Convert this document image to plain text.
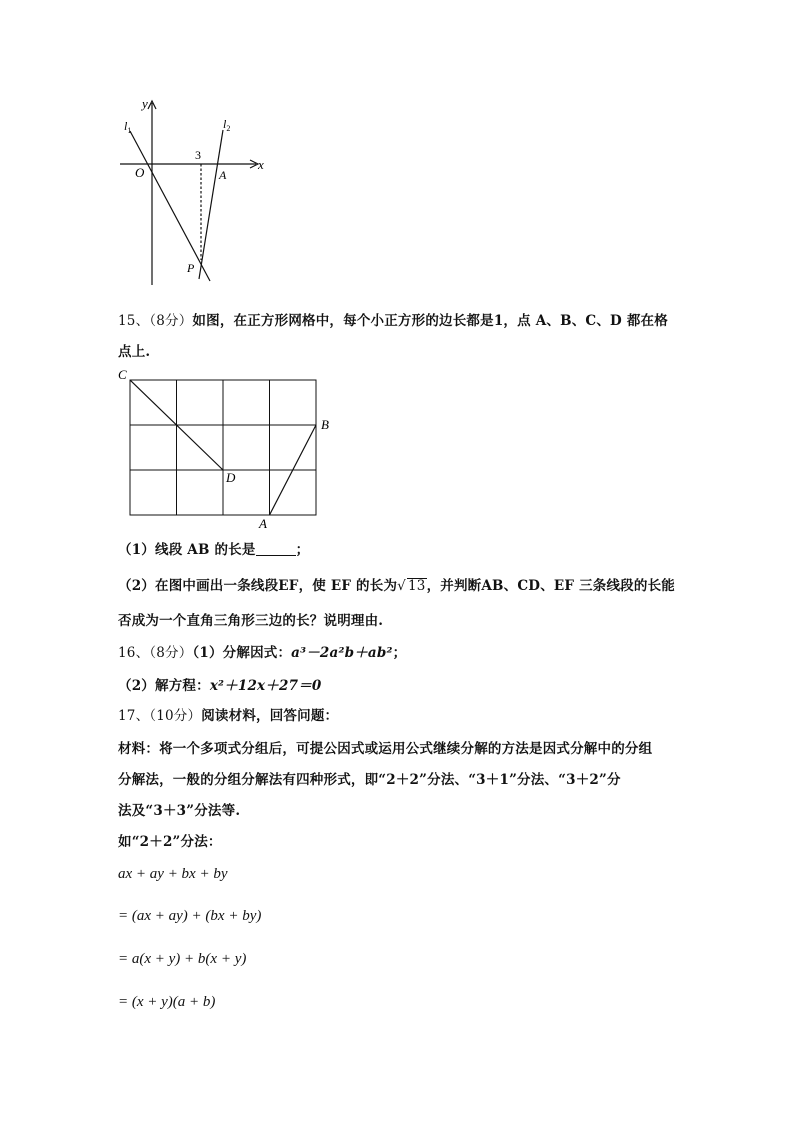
y
x
$l_1$	$l_2$
3
O	A
P
15、（8分）如图，在正方形网格中，每个小正方形的边长都是1，点 A、B、C、D 都在格
点上.
C
B
D
A
（1）线段 AB 的长是	；
（2）在图中画出一条线段EF，使 EF 的长为√ 13，并判断AB、CD、EF 三条线段的长能
否成为一个直角三角形三边的长？说明理由.
16、（8分）（1）分解因式：a³－2a²b＋ab²；
（2）解方程：x²＋12x＋27＝0
17、（10分）阅读材料，回答问题：
材料：将一个多项式分组后，可提公因式或运用公式继续分解的方法是因式分解中的分组
分解法，一般的分组分解法有四种形式，即“2＋2”分法、“3＋1”分法、“3＋2”分
法及“3＋3”分法等.
如“2＋2”分法：
ax + ay + bx + by
= (ax + ay) + (bx + by)
= a(x + y) + b(x + y)
= (x + y)(a + b)
